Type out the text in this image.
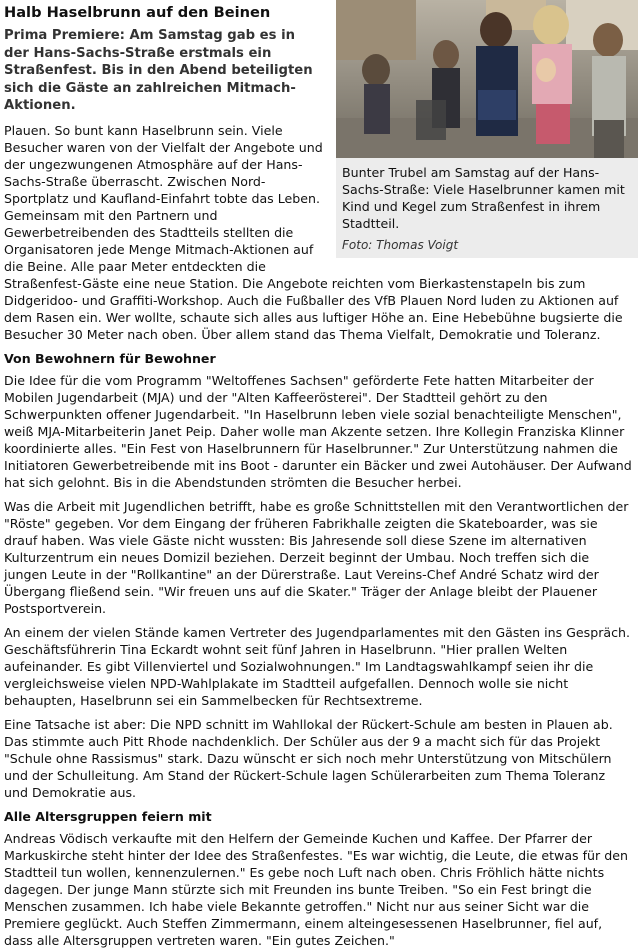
Bunter Trubel am Samstag auf der Hans-Sachs-Straße: Viele Haselbrunner kamen mit Kind und Kegel zum Straßenfest in ihrem Stadtteil.
Foto: Thomas Voigt
Halb Haselbrunn auf den Beinen
Prima Premiere: Am Samstag gab es in der Hans-Sachs-Straße erstmals ein Straßenfest. Bis in den Abend beteiligten sich die Gäste an zahlreichen Mitmach-Aktionen.

Plauen. So bunt kann Haselbrunn sein. Viele Besucher waren von der Vielfalt der Angebote und der ungezwungenen Atmosphäre auf der Hans-Sachs-Straße überrascht. Zwischen Nord-Sportplatz und Kaufland-Einfahrt tobte das Leben. Gemeinsam mit den Partnern und Gewerbetreibenden des Stadtteils stellten die Organisatoren jede Menge Mitmach-Aktionen auf die Beine. Alle paar Meter entdeckten die Straßenfest-Gäste eine neue Station. Die Angebote reichten vom Bierkastenstapeln bis zum Didgeridoo- und Graffiti-Workshop. Auch die Fußballer des VfB Plauen Nord luden zu Aktionen auf dem Rasen ein. Wer wollte, schaute sich alles aus luftiger Höhe an. Eine Hebebühne bugsierte die Besucher 30 Meter nach oben. Über allem stand das Thema Vielfalt, Demokratie und Toleranz.

Von Bewohnern für Bewohner

Die Idee für die vom Programm "Weltoffenes Sachsen" geförderte Fete hatten Mitarbeiter der Mobilen Jugendarbeit (MJA) und der "Alten Kaffeerösterei". Der Stadtteil gehört zu den Schwerpunkten offener Jugendarbeit. "In Haselbrunn leben viele sozial benachteiligte Menschen", weiß MJA-Mitarbeiterin Janet Peip. Daher wolle man Akzente setzen. Ihre Kollegin Franziska Klinner koordinierte alles. "Ein Fest von Haselbrunnern für Haselbrunner." Zur Unterstützung nahmen die Initiatoren Gewerbetreibende mit ins Boot - darunter ein Bäcker und zwei Autohäuser. Der Aufwand hat sich gelohnt. Bis in die Abendstunden strömten die Besucher herbei.

Was die Arbeit mit Jugendlichen betrifft, habe es große Schnittstellen mit den Verantwortlichen der "Röste" gegeben. Vor dem Eingang der früheren Fabrikhalle zeigten die Skateboarder, was sie drauf haben. Was viele Gäste nicht wussten: Bis Jahresende soll diese Szene im alternativen Kulturzentrum ein neues Domizil beziehen. Derzeit beginnt der Umbau. Noch treffen sich die jungen Leute in der "Rollkantine" an der Dürerstraße. Laut Vereins-Chef André Schatz wird der Übergang fließend sein. "Wir freuen uns auf die Skater." Träger der Anlage bleibt der Plauener Postsportverein.

An einem der vielen Stände kamen Vertreter des Jugendparlamentes mit den Gästen ins Gespräch. Geschäftsführerin Tina Eckardt wohnt seit fünf Jahren in Haselbrunn. "Hier prallen Welten aufeinander. Es gibt Villenviertel und Sozialwohnungen." Im Landtagswahlkampf seien ihr die vergleichsweise vielen NPD-Wahlplakate im Stadtteil aufgefallen. Dennoch wolle sie nicht behaupten, Haselbrunn sei ein Sammelbecken für Rechtsextreme.

Eine Tatsache ist aber: Die NPD schnitt im Wahllokal der Rückert-Schule am besten in Plauen ab. Das stimmte auch Pitt Rhode nachdenklich. Der Schüler aus der 9 a macht sich für das Projekt "Schule ohne Rassismus" stark. Dazu wünscht er sich noch mehr Unterstützung von Mitschülern und der Schulleitung. Am Stand der Rückert-Schule lagen Schülerarbeiten zum Thema Toleranz und Demokratie aus.

Alle Altersgruppen feiern mit

Andreas Vödisch verkaufte mit den Helfern der Gemeinde Kuchen und Kaffee. Der Pfarrer der Markuskirche steht hinter der Idee des Straßenfestes. "Es war wichtig, die Leute, die etwas für den Stadtteil tun wollen, kennenzulernen." Es gebe noch Luft nach oben. Chris Fröhlich hätte nichts dagegen. Der junge Mann stürzte sich mit Freunden ins bunte Treiben. "So ein Fest bringt die Menschen zusammen. Ich habe viele Bekannte getroffen." Nicht nur aus seiner Sicht war die Premiere geglückt. Auch Steffen Zimmermann, einem alteingesessenen Haselbrunner, fiel auf, dass alle Altersgruppen vertreten waren. "Ein gutes Zeichen."
